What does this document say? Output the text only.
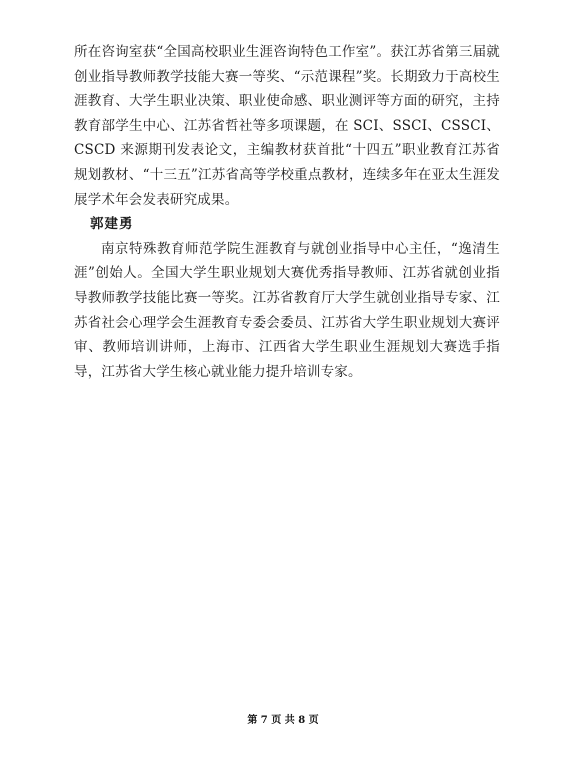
所在咨询室获“全国高校职业生涯咨询特色工作室”。获江苏省第三届就创业指导教师教学技能大赛一等奖、“示范课程”奖。长期致力于高校生涯教育、大学生职业决策、职业使命感、职业测评等方面的研究，主持教育部学生中心、江苏省哲社等多项课题，在 SCI、SSCI、CSSCI、CSCD 来源期刊发表论文，主编教材获首批“十四五”职业教育江苏省规划教材、“十三五”江苏省高等学校重点教材，连续多年在亚太生涯发展学术年会发表研究成果。

郭建勇

南京特殊教育师范学院生涯教育与就创业指导中心主任，“逸清生涯”创始人。全国大学生职业规划大赛优秀指导教师、江苏省就创业指导教师教学技能比赛一等奖。江苏省教育厅大学生就创业指导专家、江苏省社会心理学会生涯教育专委会委员、江苏省大学生职业规划大赛评审、教师培训讲师，上海市、江西省大学生职业生涯规划大赛选手指导，江苏省大学生核心就业能力提升培训专家。

第 7 页 共 8 页
